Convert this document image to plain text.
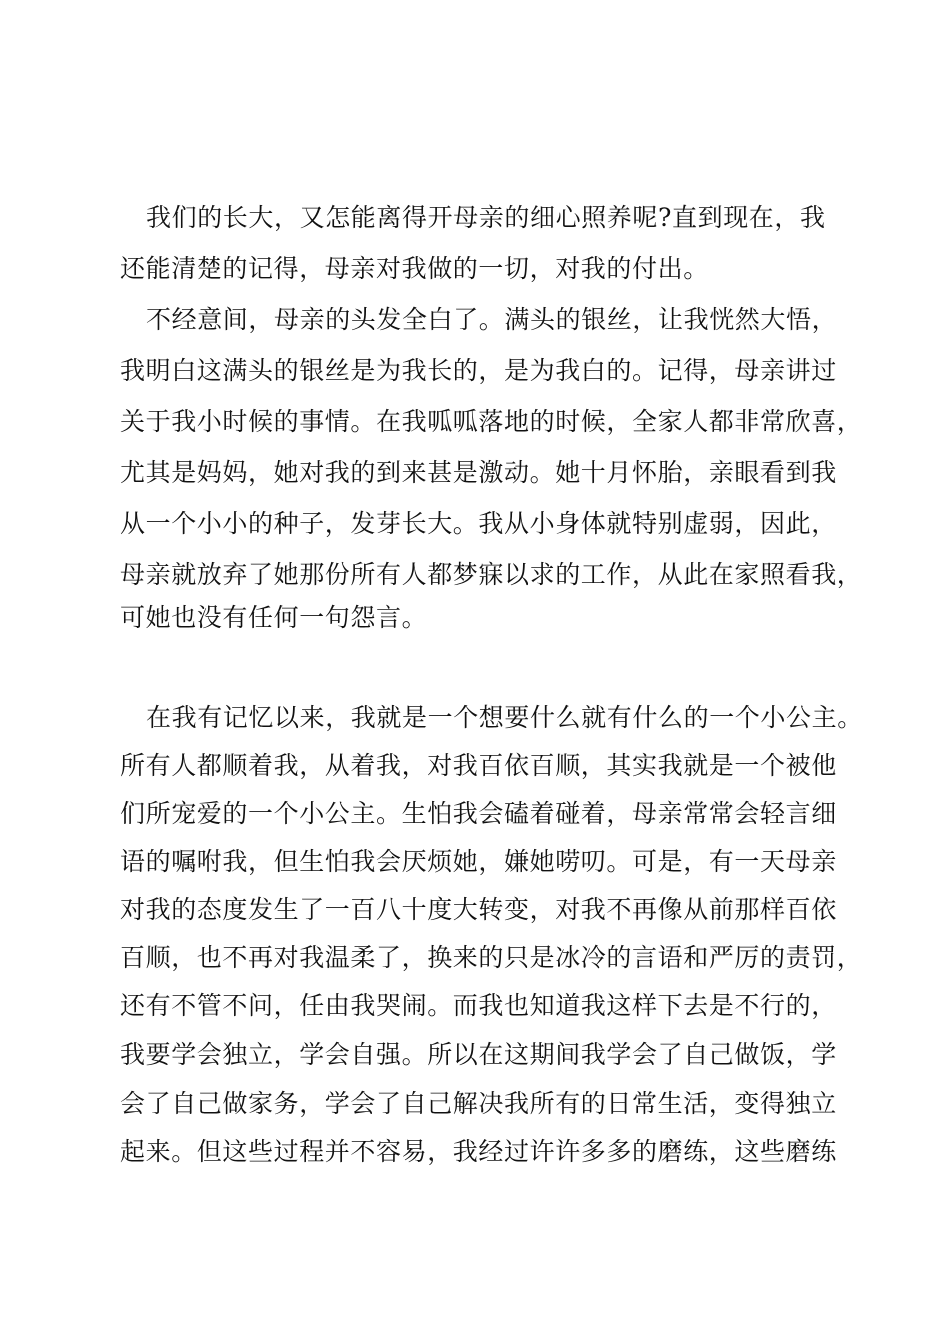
我们的长大，又怎能离得开母亲的细心照养呢?直到现在，我
还能清楚的记得，母亲对我做的一切，对我的付出。
不经意间，母亲的头发全白了。满头的银丝，让我恍然大悟，
我明白这满头的银丝是为我长的，是为我白的。记得，母亲讲过
关于我小时候的事情。在我呱呱落地的时候，全家人都非常欣喜，
尤其是妈妈，她对我的到来甚是激动。她十月怀胎，亲眼看到我
从一个小小的种子，发芽长大。我从小身体就特别虚弱，因此，
母亲就放弃了她那份所有人都梦寐以求的工作，从此在家照看我，
可她也没有任何一句怨言。
在我有记忆以来，我就是一个想要什么就有什么的一个小公主。
所有人都顺着我，从着我，对我百依百顺，其实我就是一个被他
们所宠爱的一个小公主。生怕我会磕着碰着，母亲常常会轻言细
语的嘱咐我，但生怕我会厌烦她，嫌她唠叨。可是，有一天母亲
对我的态度发生了一百八十度大转变，对我不再像从前那样百依
百顺，也不再对我温柔了，换来的只是冰冷的言语和严厉的责罚，
还有不管不问，任由我哭闹。而我也知道我这样下去是不行的，
我要学会独立，学会自强。所以在这期间我学会了自己做饭，学
会了自己做家务，学会了自己解决我所有的日常生活，变得独立
起来。但这些过程并不容易，我经过许许多多的磨练，这些磨练
